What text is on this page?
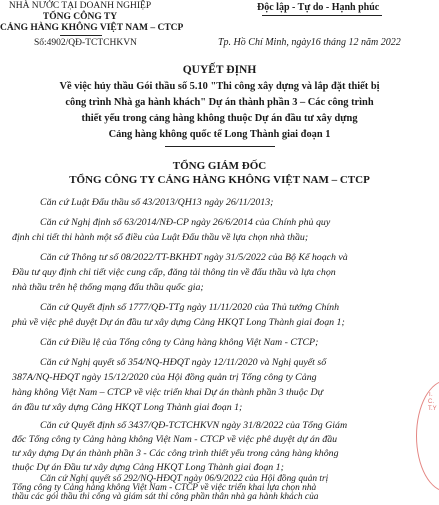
NHÀ NƯỚC TẠI DOANH NGHIỆP
TỔNG CÔNG TY
CẢNG HÀNG KHÔNG VIỆT NAM – CTCP
Số:4902/QĐ-TCTCHKVN
Độc lập - Tự do - Hạnh phúc
Tp. Hồ Chí Minh, ngày16 tháng 12 năm 2022
QUYẾT ĐỊNH
Về việc hủy thầu Gói thầu số 5.10 "Thi công xây dựng và lắp đặt thiết bị
công trình Nhà ga hành khách" Dự án thành phần 3 – Các công trình
thiết yếu trong cảng hàng không thuộc Dự án đầu tư xây dựng
Cảng hàng không quốc tế Long Thành giai đoạn 1
TỔNG GIÁM ĐỐC
TỔNG CÔNG TY CẢNG HÀNG KHÔNG VIỆT NAM – CTCP
Căn cứ Luật Đấu thầu số 43/2013/QH13 ngày 26/11/2013;
Căn cứ Nghị định số 63/2014/NĐ-CP ngày 26/6/2014 của Chính phủ quy
định chi tiết thi hành một số điều của Luật Đấu thầu về lựa chọn nhà thầu;
Căn cứ Thông tư số 08/2022/TT-BKHĐT ngày 31/5/2022 của Bộ Kế hoạch và
Đầu tư quy định chi tiết việc cung cấp, đăng tải thông tin về đấu thầu và lựa chọn
nhà thầu trên hệ thống mạng đấu thầu quốc gia;
Căn cứ Quyết định số 1777/QĐ-TTg ngày 11/11/2020 của Thủ tướng Chính
phủ về việc phê duyệt Dự án đầu tư xây dựng Cảng HKQT Long Thành giai đoạn 1;
Căn cứ Điều lệ của Tổng công ty Cảng hàng không Việt Nam - CTCP;
Căn cứ Nghị quyết số 354/NQ-HĐQT ngày 12/11/2020 và Nghị quyết số
387A/NQ-HĐQT ngày 15/12/2020 của Hội đồng quản trị Tổng công ty Cảng
hàng không Việt Nam – CTCP về việc triển khai Dự án thành phần 3 thuộc Dự
án đầu tư xây dựng Cảng HKQT Long Thành giai đoạn 1;
Căn cứ Quyết định số 3437/QĐ-TCTCHKVN ngày 31/8/2022 của Tổng Giám
đốc Tổng công ty Cảng hàng không Việt Nam - CTCP về việc phê duyệt dự án đầu
tư xây dựng Dự án thành phần 3 - Các công trình thiết yếu trong cảng hàng không
thuộc Dự án Đầu tư xây dựng Cảng HKQT Long Thành giai đoạn 1;
Căn cứ Nghị quyết số 292/NQ-HĐQT ngày 06/9/2022 của Hội đồng quản trị
Tổng công ty Cảng hàng không Việt Nam - CTCP về việc triển khai lựa chọn nhà
thầu các gói thầu thi công và giám sát thi công phần thân nhà ga hành khách của
T.C.T.Y
